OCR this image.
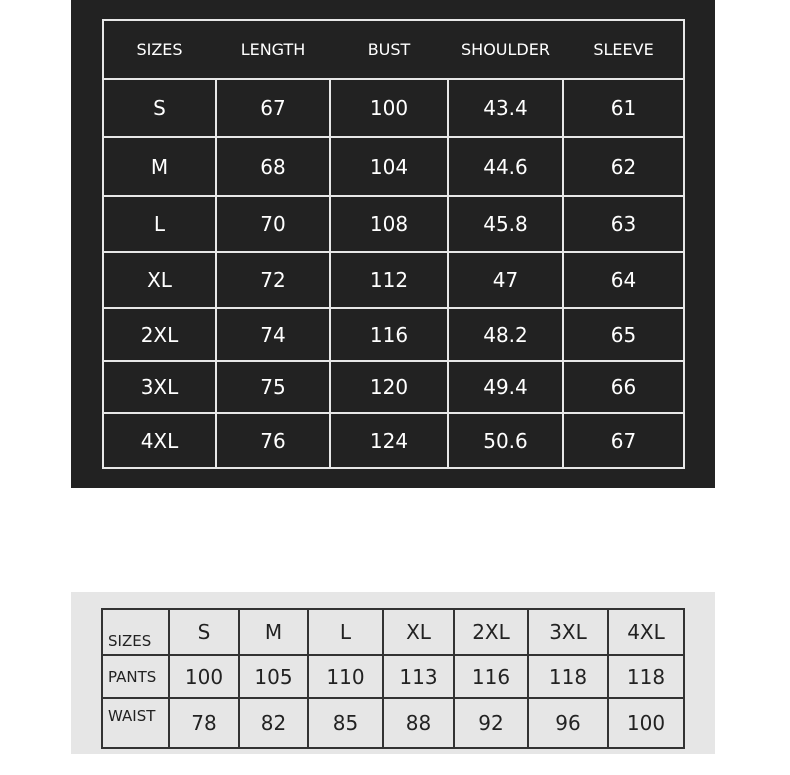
SIZES	LENGTH	BUST	SHOULDER	SLEEVE
S	67	100	43.4	61
M	68	104	44.6	62
L	70	108	45.8	63
XL	72	112	47	64
2XL	74	116	48.2	65
3XL	75	120	49.4	66
4XL	76	124	50.6	67
SIZES	S	M	L	XL	2XL	3XL	4XL
PANTS	100	105	110	113	116	118	118
WAIST	78	82	85	88	92	96	100
